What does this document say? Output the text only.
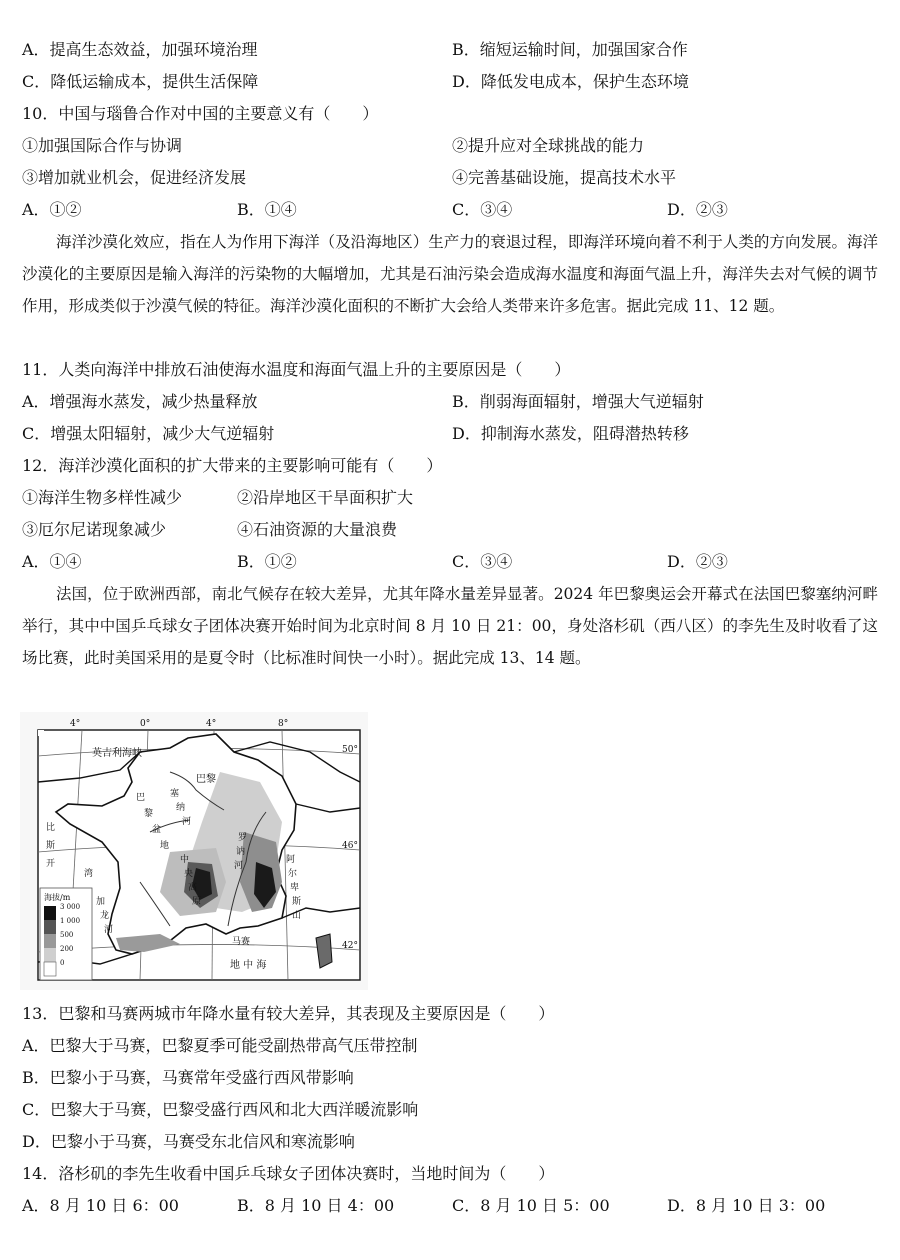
A．提高生态效益，加强环境治理	B．缩短运输时间，加强国家合作
C．降低运输成本，提供生活保障	D．降低发电成本，保护生态环境
10．中国与瑙鲁合作对中国的主要意义有（　　）
①加强国际合作与协调	②提升应对全球挑战的能力
③增加就业机会，促进经济发展	④完善基础设施，提高技术水平
A．①②	B．①④	C．③④	D．②③
海洋沙漠化效应，指在人为作用下海洋（及沿海地区）生产力的衰退过程，即海洋环境向着不利于人类的方向发展。海洋沙漠化的主要原因是输入海洋的污染物的大幅增加，尤其是石油污染会造成海水温度和海面气温上升，海洋失去对气候的调节作用，形成类似于沙漠气候的特征。海洋沙漠化面积的不断扩大会给人类带来许多危害。据此完成 11、12 题。
11．人类向海洋中排放石油使海水温度和海面气温上升的主要原因是（　　）
A．增强海水蒸发，减少热量释放	B．削弱海面辐射，增强大气逆辐射
C．增强太阳辐射，减少大气逆辐射	D．抑制海水蒸发，阻碍潜热转移
12．海洋沙漠化面积的扩大带来的主要影响可能有（　　）
①海洋生物多样性减少	②沿岸地区干旱面积扩大
③厄尔尼诺现象减少	④石油资源的大量浪费
A．①④	B．①②	C．③④	D．②③
法国，位于欧洲西部，南北气候存在较大差异，尤其年降水量差异显著。2024 年巴黎奥运会开幕式在法国巴黎塞纳河畔举行，其中中国乒乓球女子团体决赛开始时间为北京时间 8 月 10 日 21：00，身处洛杉矶（西八区）的李先生及时收看了这场比赛，此时美国采用的是夏令时（比标准时间快一小时）。据此完成 13、14 题。
4°	0°	4°	8°
50°
46°
42°
英吉利海峡
巴黎
塞
纳
河
比
斯
开
湾
巴
黎
盆
地
中
央
高
原
阿
尔
卑
斯
山
加
龙
河
罗
讷
河
马赛
地 中 海
海拔/m
3 000
1 000
500
200
0
13．巴黎和马赛两城市年降水量有较大差异，其表现及主要原因是（　　）
A．巴黎大于马赛，巴黎夏季可能受副热带高气压带控制
B．巴黎小于马赛，马赛常年受盛行西风带影响
C．巴黎大于马赛，巴黎受盛行西风和北大西洋暖流影响
D．巴黎小于马赛，马赛受东北信风和寒流影响
14．洛杉矶的李先生收看中国乒乓球女子团体决赛时，当地时间为（　　）
A．8 月 10 日 6：00	B．8 月 10 日 4：00	C．8 月 10 日 5：00	D．8 月 10 日 3：00
